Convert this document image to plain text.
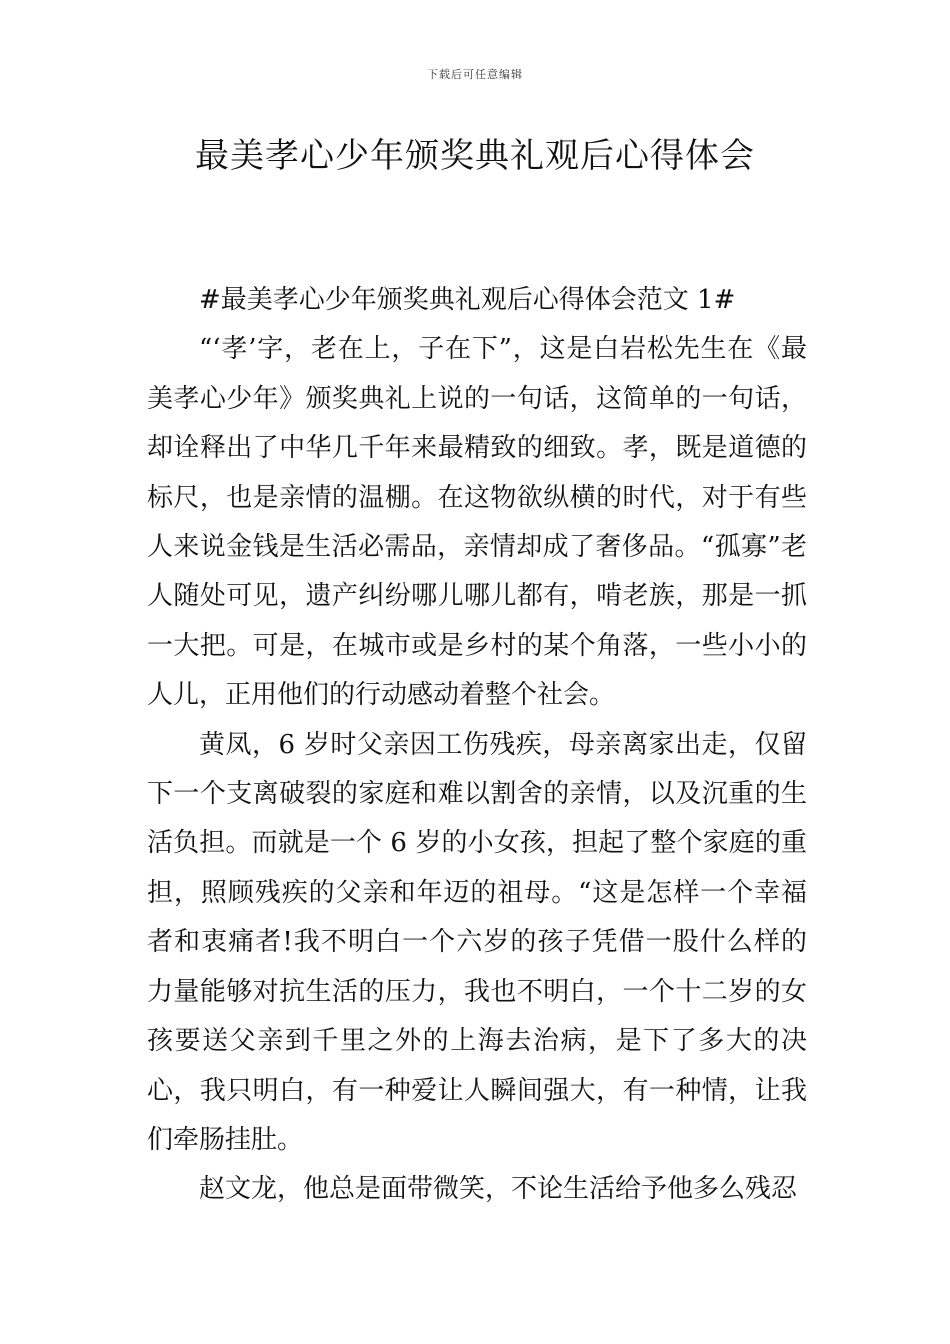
下载后可任意编辑
最美孝心少年颁奖典礼观后心得体会

#最美孝心少年颁奖典礼观后心得体会范文 1#

“‘孝’字，老在上，子在下”，这是白岩松先生在《最美孝心少年》颁奖典礼上说的一句话，这简单的一句话，却诠释出了中华几千年来最精致的细致。孝，既是道德的标尺，也是亲情的温棚。在这物欲纵横的时代，对于有些人来说金钱是生活必需品，亲情却成了奢侈品。“孤寡”老人随处可见，遗产纠纷哪儿哪儿都有，啃老族，那是一抓一大把。可是，在城市或是乡村的某个角落，一些小小的人儿，正用他们的行动感动着整个社会。

黄凤，6 岁时父亲因工伤残疾，母亲离家出走，仅留下一个支离破裂的家庭和难以割舍的亲情，以及沉重的生活负担。而就是一个 6 岁的小女孩，担起了整个家庭的重担，照顾残疾的父亲和年迈的祖母。“这是怎样一个幸福者和衷痛者!我不明白一个六岁的孩子凭借一股什么样的力量能够对抗生活的压力，我也不明白，一个十二岁的女孩要送父亲到千里之外的上海去治病，是下了多大的决心，我只明白，有一种爱让人瞬间强大，有一种情，让我们牵肠挂肚。

赵文龙，他总是面带微笑，不论生活给予他多么残忍
